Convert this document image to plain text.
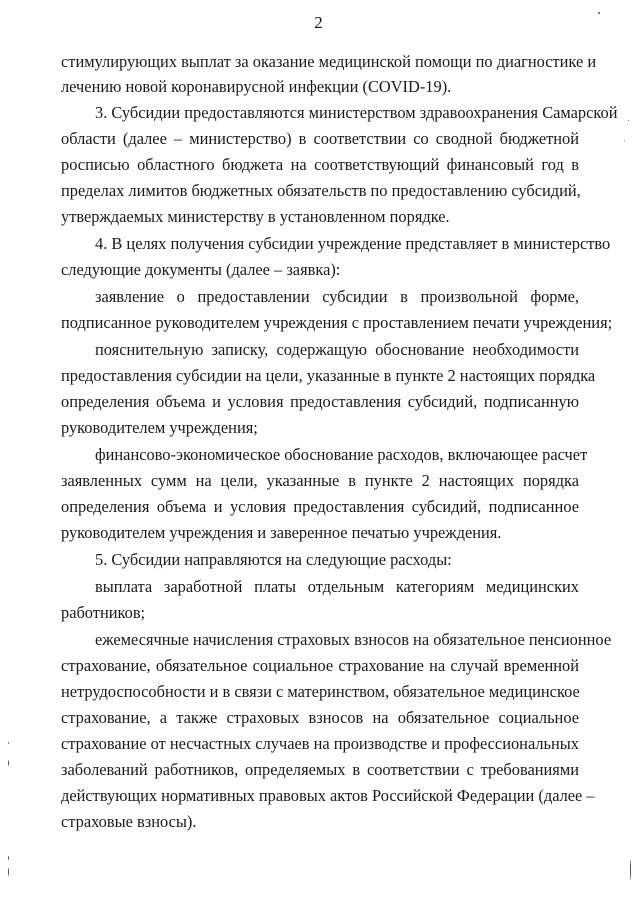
2
стимулирующих выплат за оказание медицинской помощи по диагностике и
лечению новой коронавирусной инфекции (COVID-19).
3. Субсидии предоставляются министерством здравоохранения Самарской
области (далее – министерство) в соответствии со сводной бюджетной
росписью областного бюджета на соответствующий финансовый год в
пределах лимитов бюджетных обязательств по предоставлению субсидий,
утверждаемых министерству в установленном порядке.
4. В целях получения субсидии учреждение представляет в министерство
следующие документы (далее – заявка):
заявление о предоставлении субсидии в произвольной форме,
подписанное руководителем учреждения с проставлением печати учреждения;
пояснительную записку, содержащую обоснование необходимости
предоставления субсидии на цели, указанные в пункте 2 настоящих порядка
определения объема и условия предоставления субсидий, подписанную
руководителем учреждения;
финансово-экономическое обоснование расходов, включающее расчет
заявленных сумм на цели, указанные в пункте 2 настоящих порядка
определения объема и условия предоставления субсидий, подписанное
руководителем учреждения и заверенное печатью учреждения.
5. Субсидии направляются на следующие расходы:
выплата заработной платы отдельным категориям медицинских
работников;
ежемесячные начисления страховых взносов на обязательное пенсионное
страхование, обязательное социальное страхование на случай временной
нетрудоспособности и в связи с материнством, обязательное медицинское
страхование, а также страховых взносов на обязательное социальное
страхование от несчастных случаев на производстве и профессиональных
заболеваний работников, определяемых в соответствии с требованиями
действующих нормативных правовых актов Российской Федерации (далее –
страховые взносы).
